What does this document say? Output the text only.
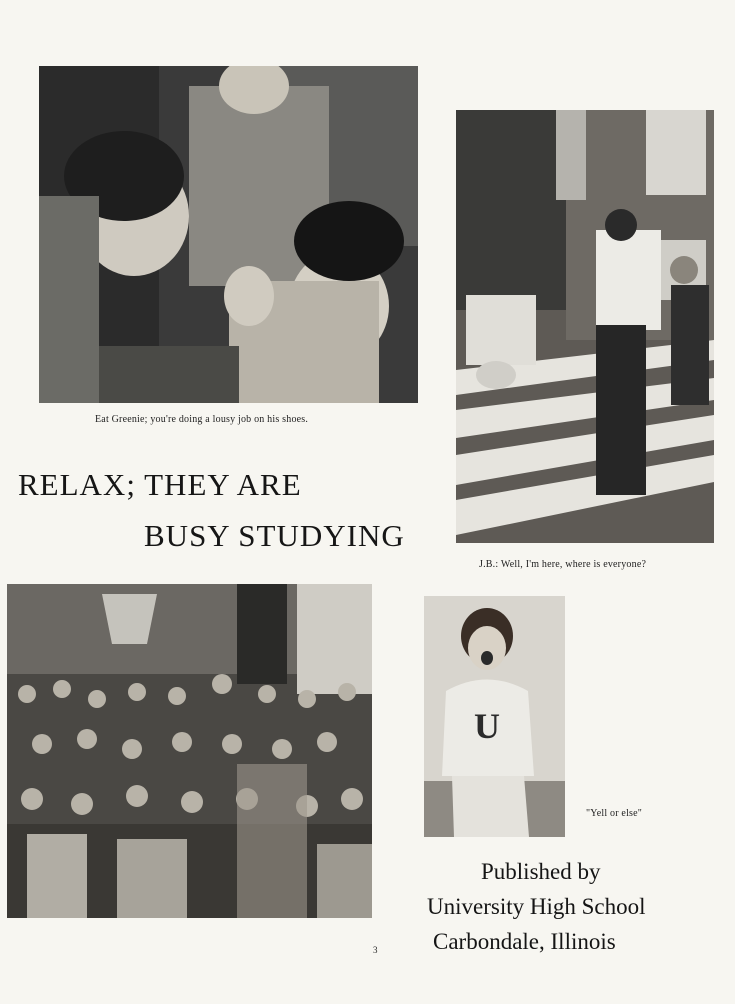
Eat Greenie; you're doing a lousy job on his shoes.
J.B.: Well, I'm here, where is everyone?
RELAX; THEY ARE
BUSY STUDYING
U
"Yell or else"
Published by
University High School
Carbondale, Illinois
3
